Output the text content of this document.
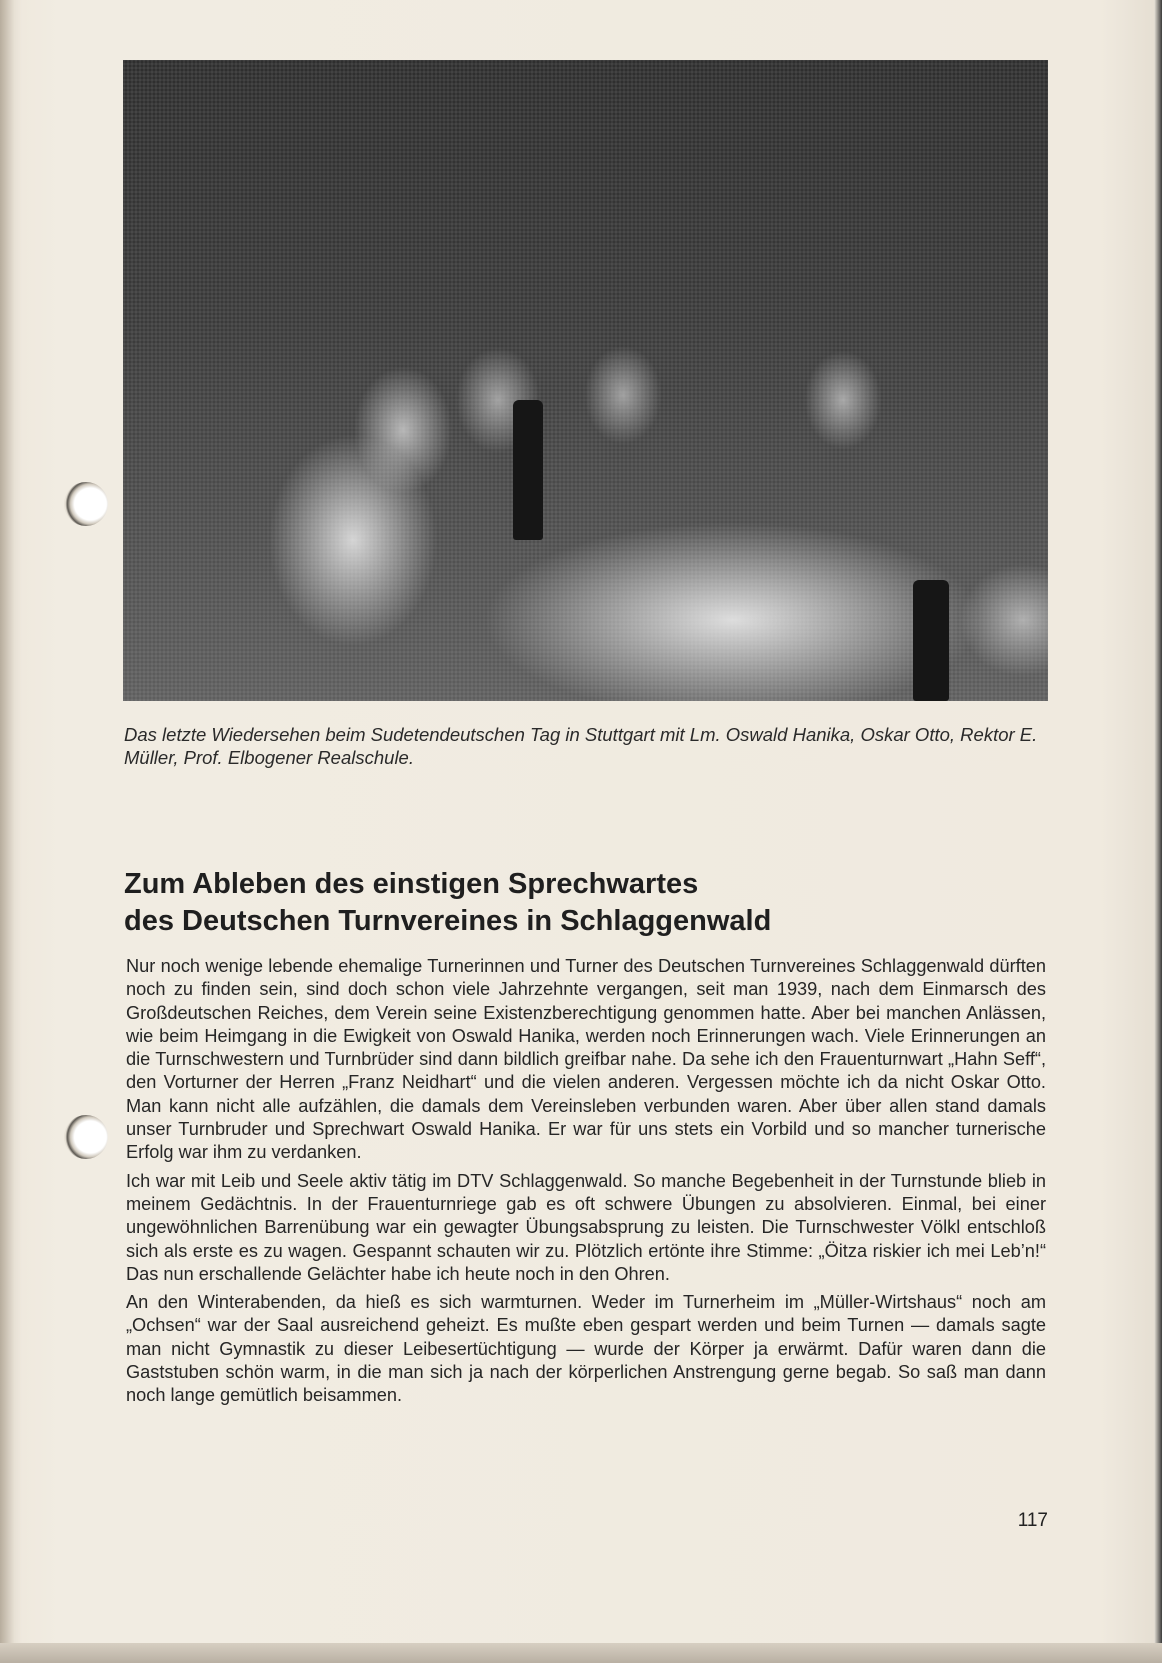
Das letzte Wiedersehen beim Sudetendeutschen Tag in Stuttgart mit Lm. Oswald Hanika, Oskar Otto, Rektor E. Müller, Prof. Elbogener Realschule.

Zum Ableben des einstigen Sprechwartes
des Deutschen Turnvereines in Schlaggenwald

Nur noch wenige lebende ehemalige Turnerinnen und Turner des Deutschen Turnvereines Schlaggenwald dürften noch zu finden sein, sind doch schon viele Jahrzehnte vergangen, seit man 1939, nach dem Einmarsch des Großdeutschen Reiches, dem Verein seine Existenzberechtigung genommen hatte. Aber bei manchen Anlässen, wie beim Heimgang in die Ewigkeit von Oswald Hanika, werden noch Erinnerungen wach. Viele Erinnerungen an die Turnschwestern und Turnbrüder sind dann bildlich greifbar nahe. Da sehe ich den Frauenturnwart „Hahn Seff“, den Vorturner der Herren „Franz Neidhart“ und die vielen anderen. Vergessen möchte ich da nicht Oskar Otto. Man kann nicht alle aufzählen, die damals dem Vereinsleben verbunden waren. Aber über allen stand damals unser Turnbruder und Sprechwart Oswald Hanika. Er war für uns stets ein Vorbild und so mancher turnerische Erfolg war ihm zu verdanken.

Ich war mit Leib und Seele aktiv tätig im DTV Schlaggenwald. So manche Begebenheit in der Turnstunde blieb in meinem Gedächtnis. In der Frauenturnriege gab es oft schwere Übungen zu absolvieren. Einmal, bei einer ungewöhnlichen Barrenübung war ein gewagter Übungsabsprung zu leisten. Die Turnschwester Völkl entschloß sich als erste es zu wagen. Gespannt schauten wir zu. Plötzlich ertönte ihre Stimme: „Öitza riskier ich mei Leb’n!“ Das nun erschallende Gelächter habe ich heute noch in den Ohren.

An den Winterabenden, da hieß es sich warmturnen. Weder im Turnerheim im „Müller-Wirtshaus“ noch am „Ochsen“ war der Saal ausreichend geheizt. Es mußte eben gespart werden und beim Turnen — damals sagte man nicht Gymnastik zu dieser Leibesertüchtigung — wurde der Körper ja erwärmt. Dafür waren dann die Gaststuben schön warm, in die man sich ja nach der körperlichen Anstrengung gerne begab. So saß man dann noch lange gemütlich beisammen.

117
